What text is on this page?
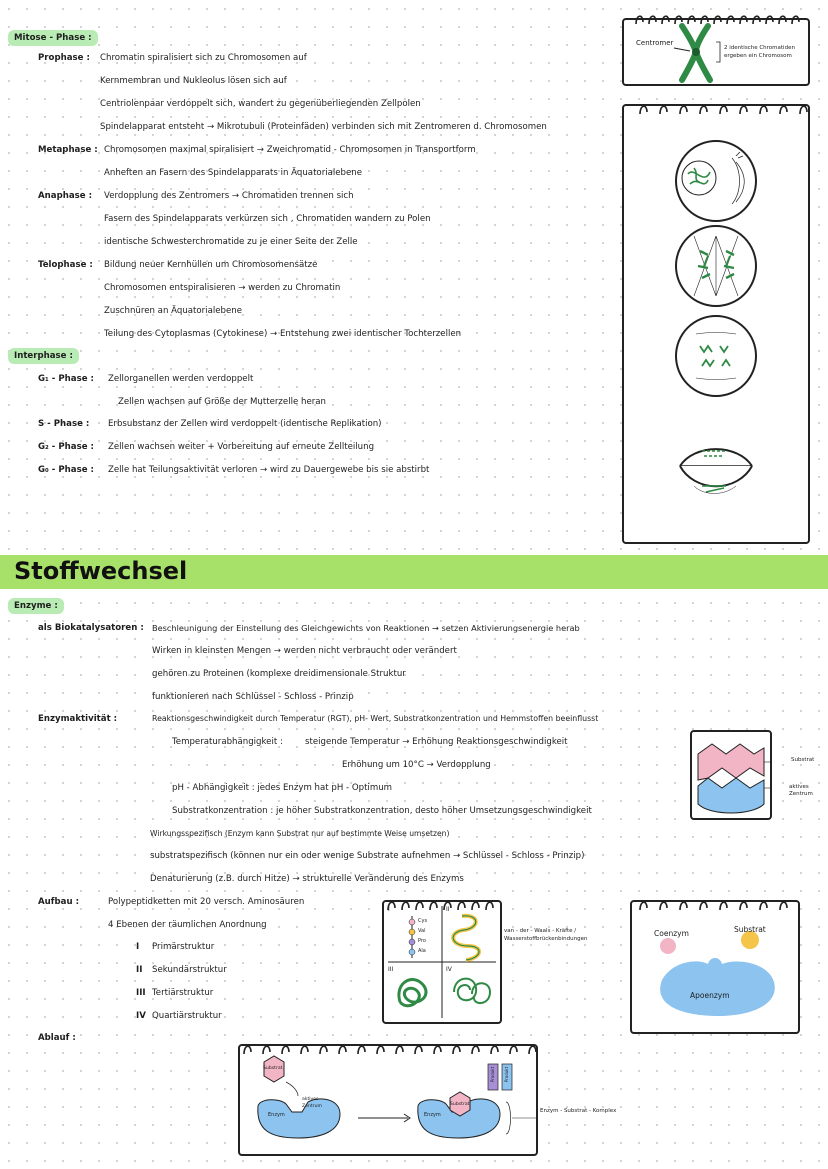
Mitose - Phase :
Prophase : Chromatin spiralisiert sich zu Chromosomen auf
Kernmembran und Nukleolus lösen sich auf
Centriolenpaar verdoppelt sich, wandert zu gegenüberliegenden Zellpolen
Spindelapparat entsteht → Mikrotubuli (Proteinfäden) verbinden sich mit Zentromeren d. Chromosomen
Metaphase : Chromosomen maximal spiralisiert → Zweichromatid - Chromosomen in Transportform
Anheften an Fasern des Spindelapparats in Äquatorialebene
Anaphase : Verdopplung des Zentromers → Chromatiden trennen sich
Fasern des Spindelapparats verkürzen sich , Chromatiden wandern zu Polen
identische Schwesterchromatide zu je einer Seite der Zelle
Telophase : Bildung neuer Kernhüllen um Chromosomensätze
Chromosomen entspiralisieren → werden zu Chromatin
Zuschnüren an Äquatorialebene
Teilung des Cytoplasmas (Cytokinese) → Entstehung zwei identischer Tochterzellen
Interphase :
G₁ - Phase : Zellorganellen werden verdoppelt
Zellen wachsen auf Größe der Mutterzelle heran
S - Phase : Erbsubstanz der Zellen wird verdoppelt (identische Replikation)
G₂ - Phase : Zellen wachsen weiter + Vorbereitung auf erneute Zellteilung
G₀ - Phase : Zelle hat Teilungsaktivität verloren → wird zu Dauergewebe bis sie abstirbt
Centromer
2 identische Chromatiden
ergeben ein Chromosom
Stoffwechsel
Enzyme :
als Biokatalysatoren : Beschleunigung der Einstellung des Gleichgewichts von Reaktionen → setzen Aktivierungsenergie herab
Wirken in kleinsten Mengen → werden nicht verbraucht oder verändert
gehören zu Proteinen (komplexe dreidimensionale Struktur
funktionieren nach Schlüssel - Schloss - Prinzip
Enzymaktivität :	Reaktionsgeschwindigkeit durch Temperatur (RGT), pH- Wert, Substratkonzentration und Hemmstoffen beeinflusst
Temperaturabhängigkeit :	steigende Temperatur → Erhöhung Reaktionsgeschwindigkeit
Erhöhung um 10°C → Verdopplung
pH - Abhängigkeit : jedes Enzym hat pH - Optimum
Substratkonzentration : je höher Substratkonzentration, desto höher Umsetzungsgeschwindigkeit
Wirkungsspezifisch (Enzym kann Substrat nur auf bestimmte Weise umsetzen)
substratspezifisch (können nur ein oder wenige Substrate aufnehmen → Schlüssel - Schloss - Prinzip)
Denaturierung (z.B. durch Hitze) → strukturelle Veränderung des Enzyms
Aufbau :	Polypeptidketten mit 20 versch. Aminosäuren
4 Ebenen der räumlichen Anordnung
I Primärstruktur
II Sekundärstruktur
III Tertiärstruktur
IV Quartiärstruktur
Ablauf :
Substrat
aktives Zentrum
I	II
III	IV
Cys
Val
Pro
Ala
van - der - Waals - Kräfte /
Wasserstoffbrückenbindungen
Coenzym	Substrat
Apoenzym
Substrat
aktives
Zentrum
Enzym	Enzym
Substrat
Produkt Produkt
Enzym - Substrat - Komplex
